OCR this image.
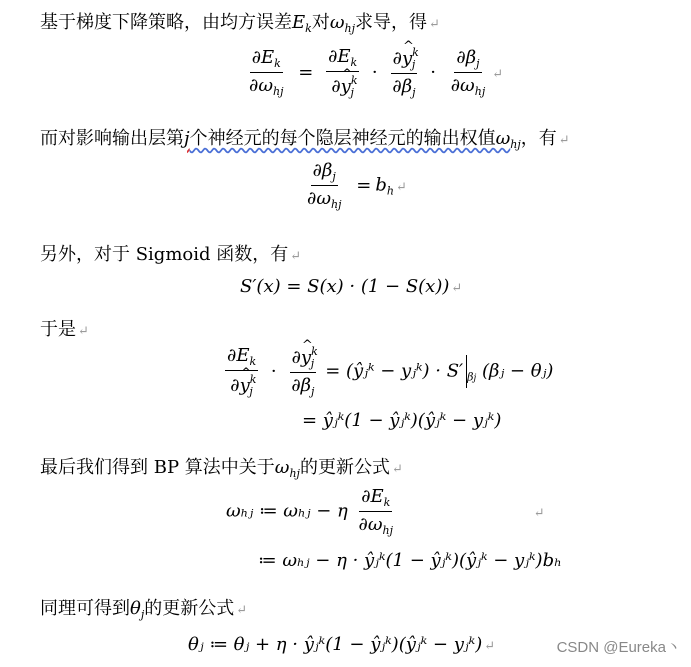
基于梯度下降策略，由均方误差$E_k$对$\omega_{hj}$求导，得 ↵
$\frac{\partial E_k}{\partial\omega_{hj}} = \frac{\partial E_k}{\partial\^{} y^k_j} \cdot \frac{\partial\^{} y^k_j}{\partial\beta_j} \cdot \frac{\partial\beta_j}{\partial\omega_{hj}}$ ↵
而对影响输出层第j个神经元的每个隐层神经元的输出权值$\omega_{hj}$，有 ↵
$\frac{\partial\beta_j}{\partial\omega_{hj}} = b_h$ ↵
另外，对于 Sigmoid 函数，有 ↵
S′(x) = S(x) · (1 − S(x)) ↵
于是 ↵
$\frac{\partial E_k}{\partial\^{} y^k_j} \cdot \frac{\partial\^{} y^k_j}{\partial\beta_j}$ = (ŷⱼᵏ − yⱼᵏ) · S′ $_{\beta j}$ (βⱼ − θⱼ)
= ŷⱼᵏ(1 − ŷⱼᵏ)(ŷⱼᵏ − yⱼᵏ)
最后我们得到 BP 算法中关于$\omega_{hj}$的更新公式 ↵
ωₕⱼ ≔ ωₕⱼ − η $\frac{\partial E_k}{\partial\omega_{hj}}$	↵
≔ ωₕⱼ − η · ŷⱼᵏ(1 − ŷⱼᵏ)(ŷⱼᵏ − yⱼᵏ)bₕ
同理可得到$\theta_j$的更新公式 ↵
θⱼ ≔ θⱼ + η · ŷⱼᵏ(1 − ŷⱼᵏ)(ŷⱼᵏ − yⱼᵏ) ↵	CSDN @Eureka丶
